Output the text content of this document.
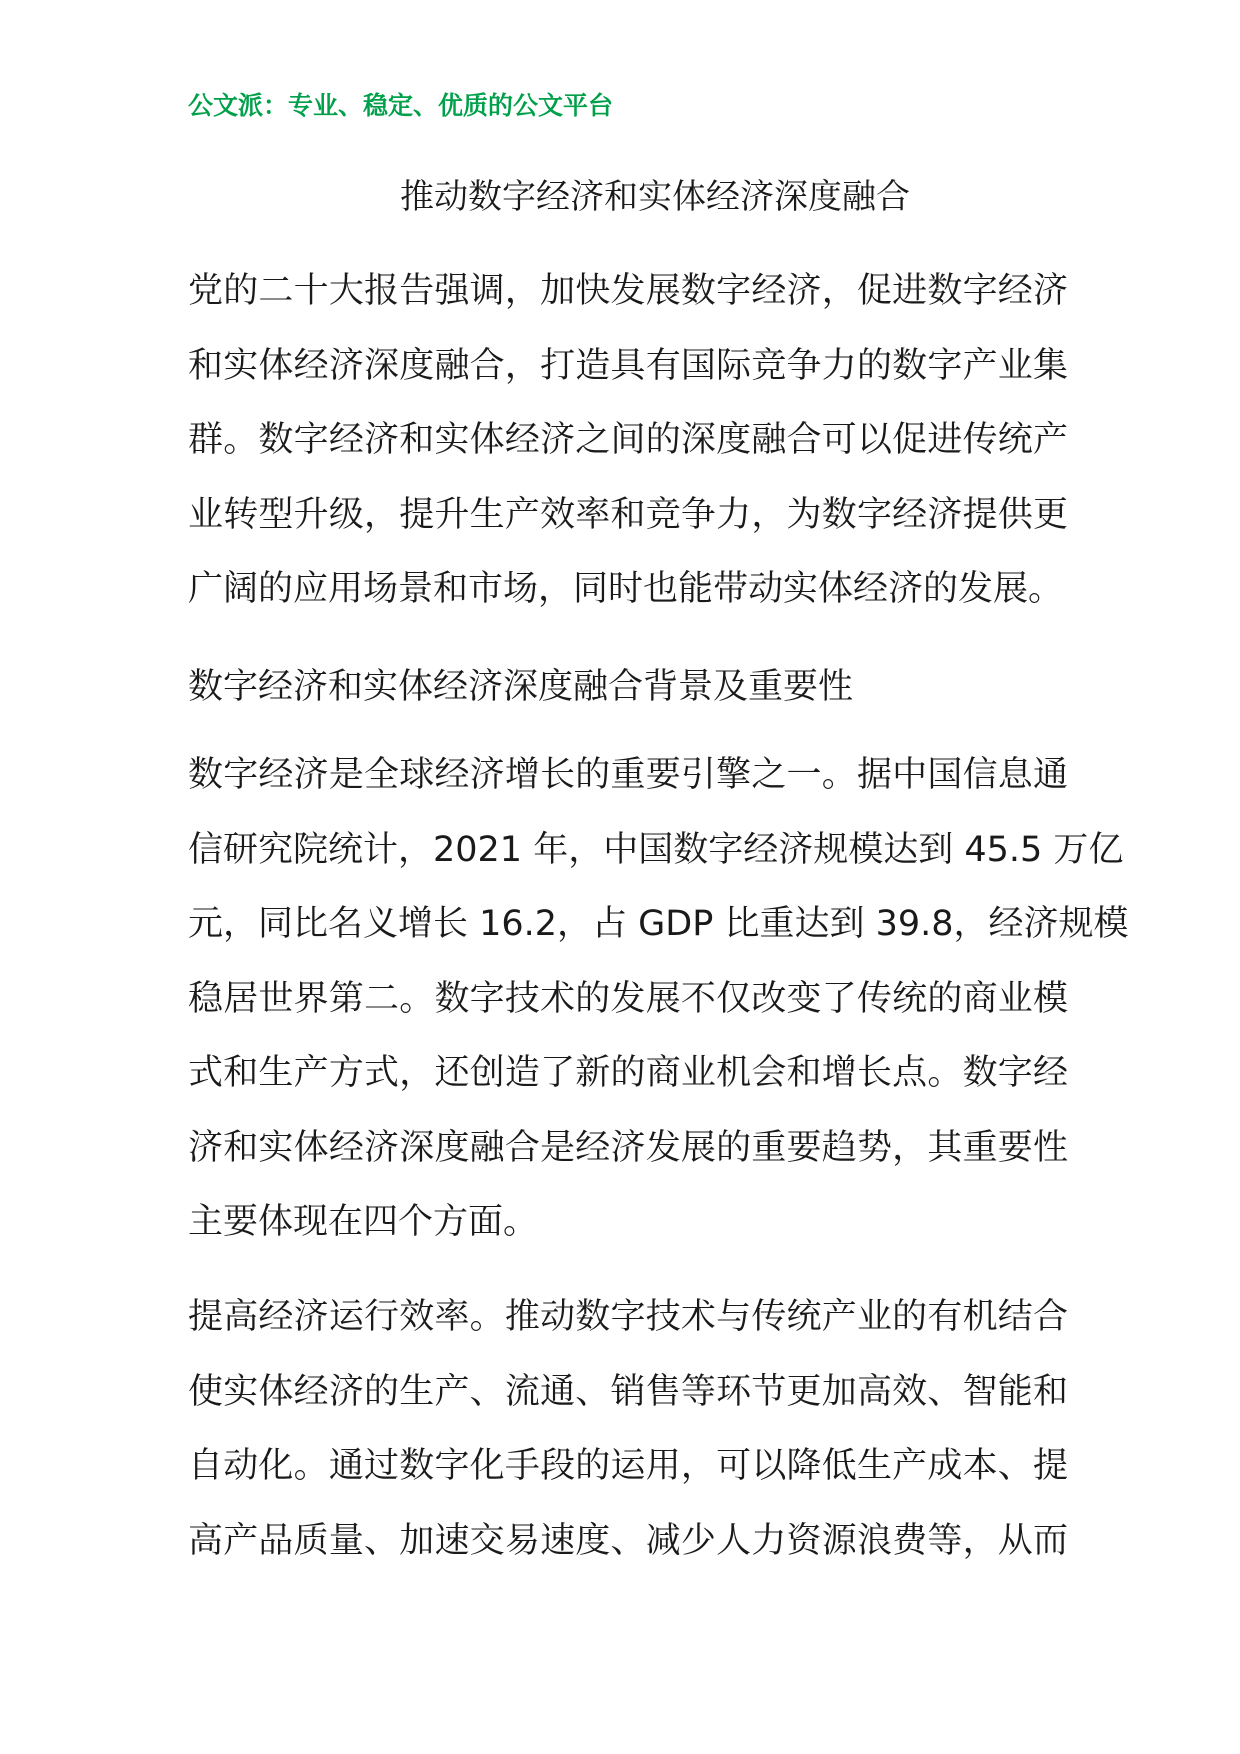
公文派：专业、稳定、优质的公文平台
推动数字经济和实体经济深度融合
党的二十大报告强调，加快发展数字经济，促进数字经济
和实体经济深度融合，打造具有国际竞争力的数字产业集
群。数字经济和实体经济之间的深度融合可以促进传统产
业转型升级，提升生产效率和竞争力，为数字经济提供更
广阔的应用场景和市场，同时也能带动实体经济的发展。
数字经济和实体经济深度融合背景及重要性
数字经济是全球经济增长的重要引擎之一。据中国信息通
信研究院统计，2021 年，中国数字经济规模达到 45.5 万亿
元，同比名义增长 16.2，占 GDP 比重达到 39.8，经济规模
稳居世界第二。数字技术的发展不仅改变了传统的商业模
式和生产方式，还创造了新的商业机会和增长点。数字经
济和实体经济深度融合是经济发展的重要趋势，其重要性
主要体现在四个方面。
提高经济运行效率。推动数字技术与传统产业的有机结合
使实体经济的生产、流通、销售等环节更加高效、智能和
自动化。通过数字化手段的运用，可以降低生产成本、提
高产品质量、加速交易速度、减少人力资源浪费等，从而
